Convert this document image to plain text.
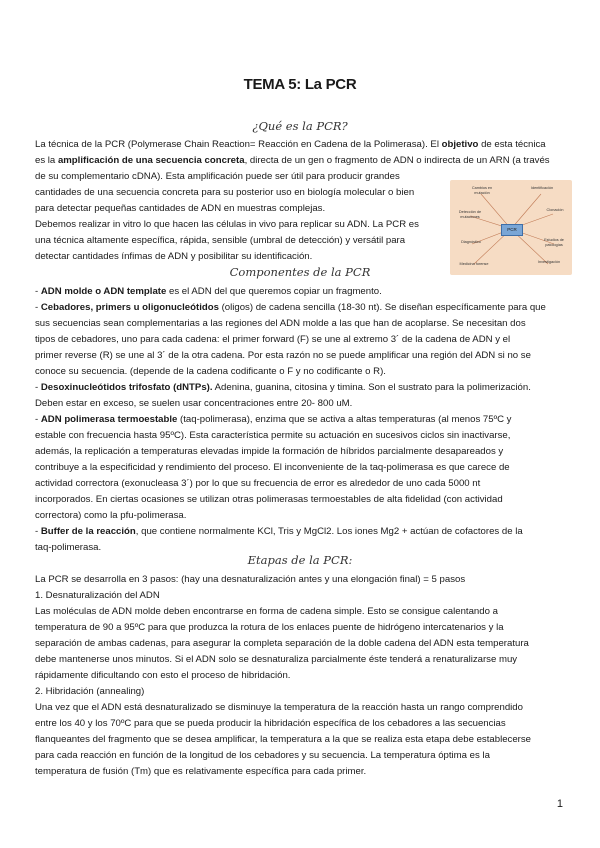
TEMA 5: La PCR
¿Qué es la PCR?
Componentes de la PCR
Etapas de la PCR:
La técnica de la PCR (Polymerase Chain Reaction= Reacción en Cadena de la Polimerasa). El objetivo de esta técnica
es la amplificación de una secuencia concreta, directa de un gen o fragmento de ADN o indirecta de un ARN (a través
de su complementario cDNA). Esta amplificación puede ser útil para producir grandes
cantidades de una secuencia concreta para su posterior uso en biología molecular o bien
para detectar pequeñas cantidades de ADN en muestras complejas.
Debemos realizar in vitro lo que hacen las células in vivo para replicar su ADN. La PCR es
una técnica altamente específica, rápida, sensible (umbral de detección) y versátil para
detectar cantidades ínfimas de ADN y posibilitar su identificación.
- ADN molde o ADN template es el ADN del que queremos copiar un fragmento.
- Cebadores, primers u oligonucleótidos (oligos) de cadena sencilla (18-30 nt). Se diseñan específicamente para que
sus secuencias sean complementarias a las regiones del ADN molde a las que han de acoplarse. Se necesitan dos
tipos de cebadores, uno para cada cadena: el primer forward (F) se une al extremo 3´ de la cadena de ADN y el
primer reverse (R) se une al 3´ de la otra cadena. Por esta razón no se puede amplificar una región del ADN si no se
conoce su secuencia. (depende de la cadena codificante o F y no codificante o R).
- Desoxinucleótidos trifosfato (dNTPs). Adenina, guanina, citosina y timina. Son el sustrato para la polimerización.
Deben estar en exceso, se suelen usar concentraciones entre 20- 800 uM.
- ADN polimerasa termoestable (taq-polimerasa), enzima que se activa a altas temperaturas (al menos 75ºC y
estable con frecuencia hasta 95ºC). Esta característica permite su actuación en sucesivos ciclos sin inactivarse,
además, la replicación a temperaturas elevadas impide la formación de híbridos parcialmente desapareados y
contribuye a la especificidad y rendimiento del proceso. El inconveniente de la taq-polimerasa es que carece de
actividad correctora (exonucleasa 3´) por lo que su frecuencia de error es alrededor de uno cada 5000 nt
incorporados. En ciertas ocasiones se utilizan otras polimerasas termoestables de alta fidelidad (con actividad
correctora) como la pfu-polimerasa.
- Buffer de la reacción, que contiene normalmente KCl, Tris y MgCl2. Los iones Mg2 + actúan de cofactores de la
taq-polimerasa.
La PCR se desarrolla en 3 pasos: (hay una desnaturalización antes y una elongación final) = 5 pasos
1. Desnaturalización del ADN
Las moléculas de ADN molde deben encontrarse en forma de cadena simple. Esto se consigue calentando a
temperatura de 90 a 95ºC para que produzca la rotura de los enlaces puente de hidrógeno intercatenarios y la
separación de ambas cadenas, para asegurar la completa separación de la doble cadena del ADN esta temperatura
debe mantenerse unos minutos. Si el ADN solo se desnaturaliza parcialmente éste tenderá a renaturalizarse muy
rápidamente dificultando con esto el proceso de hibridación.
2. Hibridación (annealing)
Una vez que el ADN está desnaturalizado se disminuye la temperatura de la reacción hasta un rango comprendido
entre los 40 y los 70ºC para que se pueda producir la hibridación específica de los cebadores a las secuencias
flanqueantes del fragmento que se desea amplificar, la temperatura a la que se realiza esta etapa debe establecerse
para cada reacción en función de la longitud de los cebadores y su secuencia. La temperatura óptima es la
temperatura de fusión (Tm) que es relativamente específica para cada primer.
PCR
Cambios en mutación
Identificación
Detección de mutaciones
Clonación
Diagnóstico	Estudios de patologías
Medicina forense	Investigación
1
